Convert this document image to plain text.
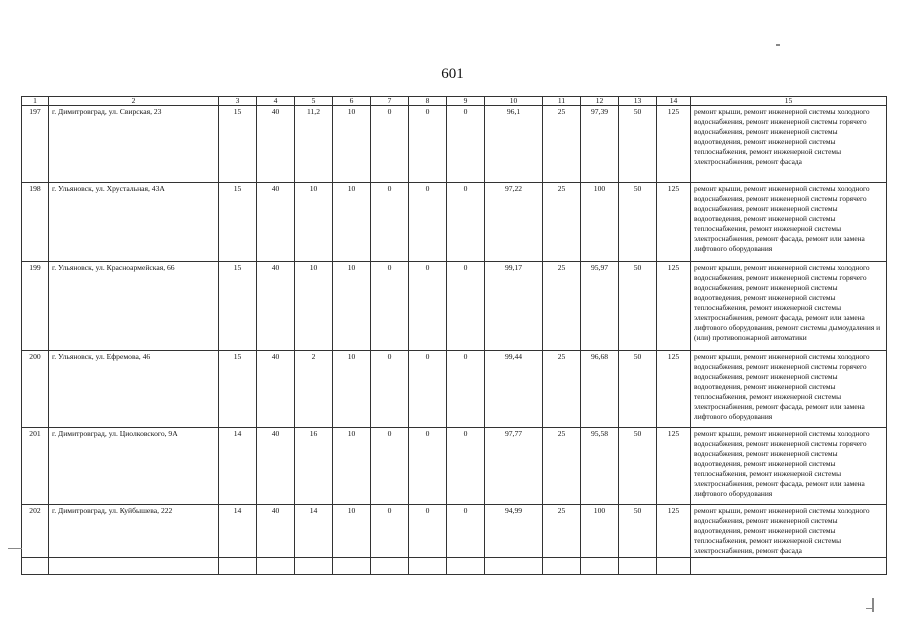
601
1	2	3	4	5	6	7	8	9	10	11	12	13	14	15
197	г. Димитровград, ул. Свирская, 23	15	40	11,2	10	0	0	0	96,1	25	97,39	50	125	ремонт крыши, ремонт инженерной системы холодного водоснабжения, ремонт инженерной системы горячего водоснабжения, ремонт инженерной системы водоотведения, ремонт инженерной системы теплоснабжения, ремонт инженерной системы электроснабжения, ремонт фасада
198	г. Ульяновск, ул. Хрустальная, 43А	15	40	10	10	0	0	0	97,22	25	100	50	125	ремонт крыши, ремонт инженерной системы холодного водоснабжения, ремонт инженерной системы горячего водоснабжения, ремонт инженерной системы водоотведения, ремонт инженерной системы теплоснабжения, ремонт инженерной системы электроснабжения, ремонт фасада, ремонт или замена лифтового оборудования
199	г. Ульяновск, ул. Красноармейская, 66	15	40	10	10	0	0	0	99,17	25	95,97	50	125	ремонт крыши, ремонт инженерной системы холодного водоснабжения, ремонт инженерной системы горячего водоснабжения, ремонт инженерной системы водоотведения, ремонт инженерной системы теплоснабжения, ремонт инженерной системы электроснабжения, ремонт фасада, ремонт или замена лифтового оборудования, ремонт системы дымоудаления и (или) противопожарной автоматики
200	г. Ульяновск, ул. Ефремова, 46	15	40	2	10	0	0	0	99,44	25	96,68	50	125	ремонт крыши, ремонт инженерной системы холодного водоснабжения, ремонт инженерной системы горячего водоснабжения, ремонт инженерной системы водоотведения, ремонт инженерной системы теплоснабжения, ремонт инженерной системы электроснабжения, ремонт фасада, ремонт или замена лифтового оборудования
201	г. Димитровград, ул. Циолковского, 9А	14	40	16	10	0	0	0	97,77	25	95,58	50	125	ремонт крыши, ремонт инженерной системы холодного водоснабжения, ремонт инженерной системы горячего водоснабжения, ремонт инженерной системы водоотведения, ремонт инженерной системы теплоснабжения, ремонт инженерной системы электроснабжения, ремонт фасада, ремонт или замена лифтового оборудования
202	г. Димитровград, ул. Куйбышева, 222	14	40	14	10	0	0	0	94,99	25	100	50	125	ремонт крыши, ремонт инженерной системы холодного водоснабжения, ремонт инженерной системы водоотведения, ремонт инженерной системы теплоснабжения, ремонт инженерной системы электроснабжения, ремонт фасада
